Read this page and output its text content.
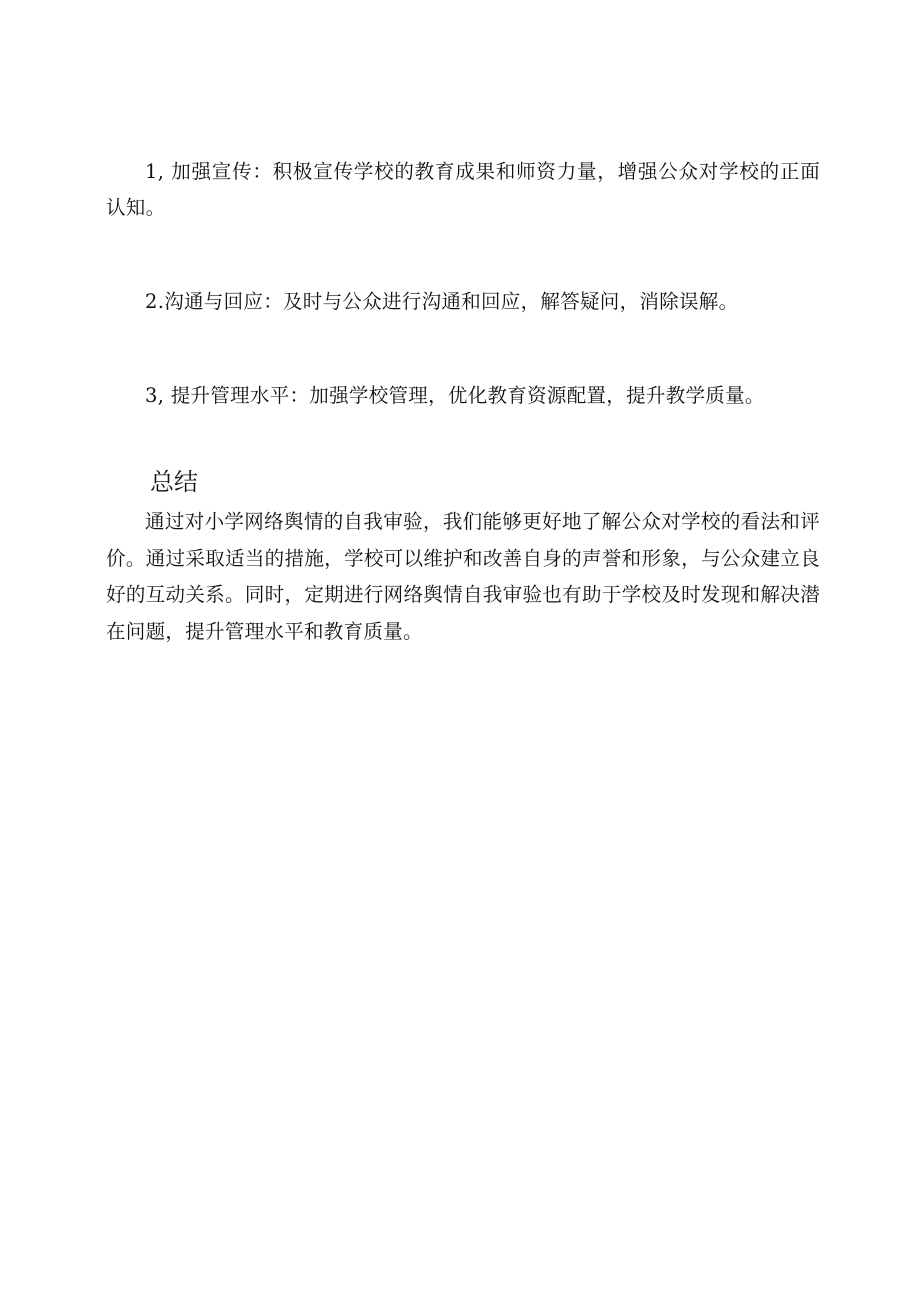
1, 加强宣传：积极宣传学校的教育成果和师资力量，增强公众对学校的正面认知。

2.沟通与回应：及时与公众进行沟通和回应，解答疑问，消除误解。

3, 提升管理水平：加强学校管理，优化教育资源配置，提升教学质量。

总结

通过对小学网络舆情的自我审验，我们能够更好地了解公众对学校的看法和评价。通过采取适当的措施，学校可以维护和改善自身的声誉和形象，与公众建立良好的互动关系。同时，定期进行网络舆情自我审验也有助于学校及时发现和解决潜在问题，提升管理水平和教育质量。
